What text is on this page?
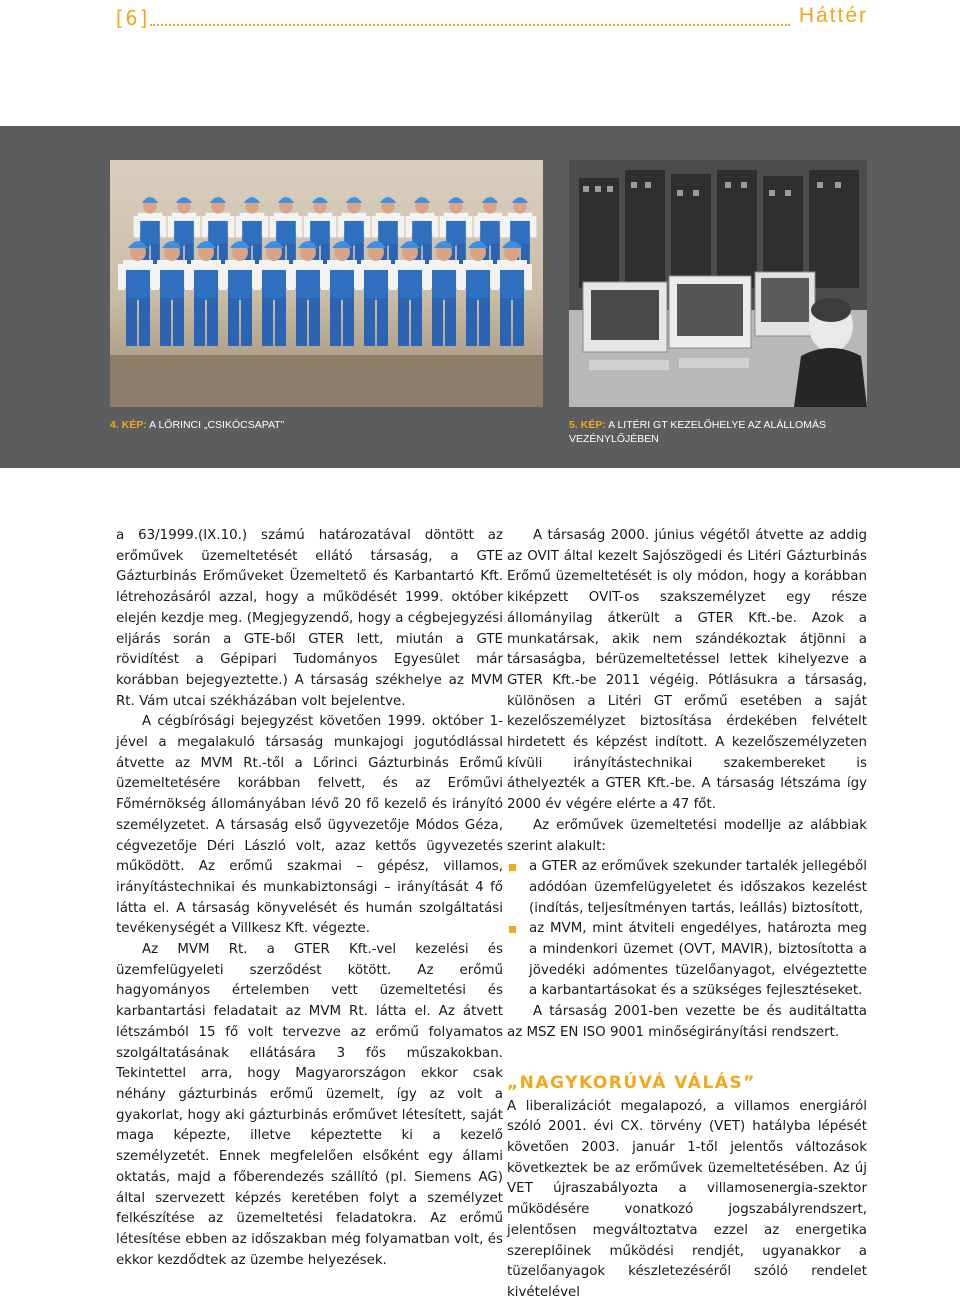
[6]	Háttér
4. KÉP: A LŐRINCI „CSIKÓCSAPAT”	5. KÉP: A LITÉRI GT KEZELŐHELYE AZ ALÁLLOMÁS VEZÉNYLŐJÉBEN

a 63/1999.(IX.10.) számú határozatával döntött az erőművek üzemeltetését ellátó társaság, a GTE Gázturbinás Erőműveket Üzemeltető és Karbantartó Kft. létrehozásáról azzal, hogy a működését 1999. október elején kezdje meg. (Megjegyzendő, hogy a cégbejegyzési eljárás során a GTE-ből GTER lett, miután a GTE rövidítést a Gépipari Tudományos Egyesület már korábban bejegyeztette.) A társaság székhelye az MVM Rt. Vám utcai székházában volt bejelentve.

A cégbírósági bejegyzést követően 1999. október 1-jével a megalakuló társaság munkajogi jogutódlással átvette az MVM Rt.-től a Lőrinci Gázturbinás Erőmű üzemeltetésére korábban felvett, és az Erőművi Főmérnökség állományában lévő 20 fő kezelő és irányító személyzetet. A társaság első ügyvezetője Módos Géza, cégvezetője Déri László volt, azaz kettős ügyvezetés működött. Az erőmű szakmai – gépész, villamos, irányítástechnikai és munkabiztonsági – irányítását 4 fő látta el. A társaság könyvelését és humán szolgáltatási tevékenységét a Villkesz Kft. végezte.

Az MVM Rt. a GTER Kft.-vel kezelési és üzemfelügyeleti szerződést kötött. Az erőmű hagyományos értelemben vett üzemeltetési és karbantartási feladatait az MVM Rt. látta el. Az átvett létszámból 15 fő volt tervezve az erőmű folyamatos szolgáltatásának ellátására 3 fős műszakokban. Tekintettel arra, hogy Magyarországon ekkor csak néhány gázturbinás erőmű üzemelt, így az volt a gyakorlat, hogy aki gázturbinás erőművet létesített, saját maga képezte, illetve képeztette ki a kezelő személyzetét. Ennek megfelelően elsőként egy állami oktatás, majd a főberendezés szállító (pl. Siemens AG) által szervezett képzés keretében folyt a személyzet felkészítése az üzemeltetési feladatokra. Az erőmű létesítése ebben az időszakban még folyamatban volt, és ekkor kezdődtek az üzembe helyezések.

A társaság 2000. június végétől átvette az addig az OVIT által kezelt Sajószögedi és Litéri Gázturbinás Erőmű üzemeltetését is oly módon, hogy a korábban kiképzett OVIT-os szakszemélyzet egy része állományilag átkerült a GTER Kft.-be. Azok a munkatársak, akik nem szándékoztak átjönni a társaságba, bérüzemeltetéssel lettek kihelyezve a GTER Kft.-be 2011 végéig. Pótlásukra a társaság, különösen a Litéri GT erőmű esetében a saját kezelőszemélyzet biztosítása érdekében felvételt hirdetett és képzést indított. A kezelőszemélyzeten kívüli irányítástechnikai szakembereket is áthelyezték a GTER Kft.-be. A társaság létszáma így 2000 év végére elérte a 47 főt.

Az erőművek üzemeltetési modellje az alábbiak szerint alakult:

a GTER az erőművek szekunder tartalék jellegéből adódóan üzemfelügyeletet és időszakos kezelést (indítás, teljesítményen tartás, leállás) biztosított,
az MVM, mint átviteli engedélyes, határozta meg a mindenkori üzemet (OVT, MAVIR), biztosította a jövedéki adómentes tüzelőanyagot, elvégeztette a karbantartásokat és a szükséges fejlesztéseket.

A társaság 2001-ben vezette be és auditáltatta az MSZ EN ISO 9001 minőségirányítási rendszert.

„NAGYKORÚVÁ VÁLÁS”

A liberalizációt megalapozó, a villamos energiáról szóló 2001. évi CX. törvény (VET) hatályba lépését követően 2003. január 1-től jelentős változások következtek be az erőművek üzemeltetésében. Az új VET újraszabályozta a villamosenergia-szektor működésére vonatkozó jogszabályrendszert, jelentősen megváltoztatva ezzel az energetika szereplőinek működési rendjét, ugyanakkor a tüzelőanyagok készletezéséről szóló rendelet kivételével
